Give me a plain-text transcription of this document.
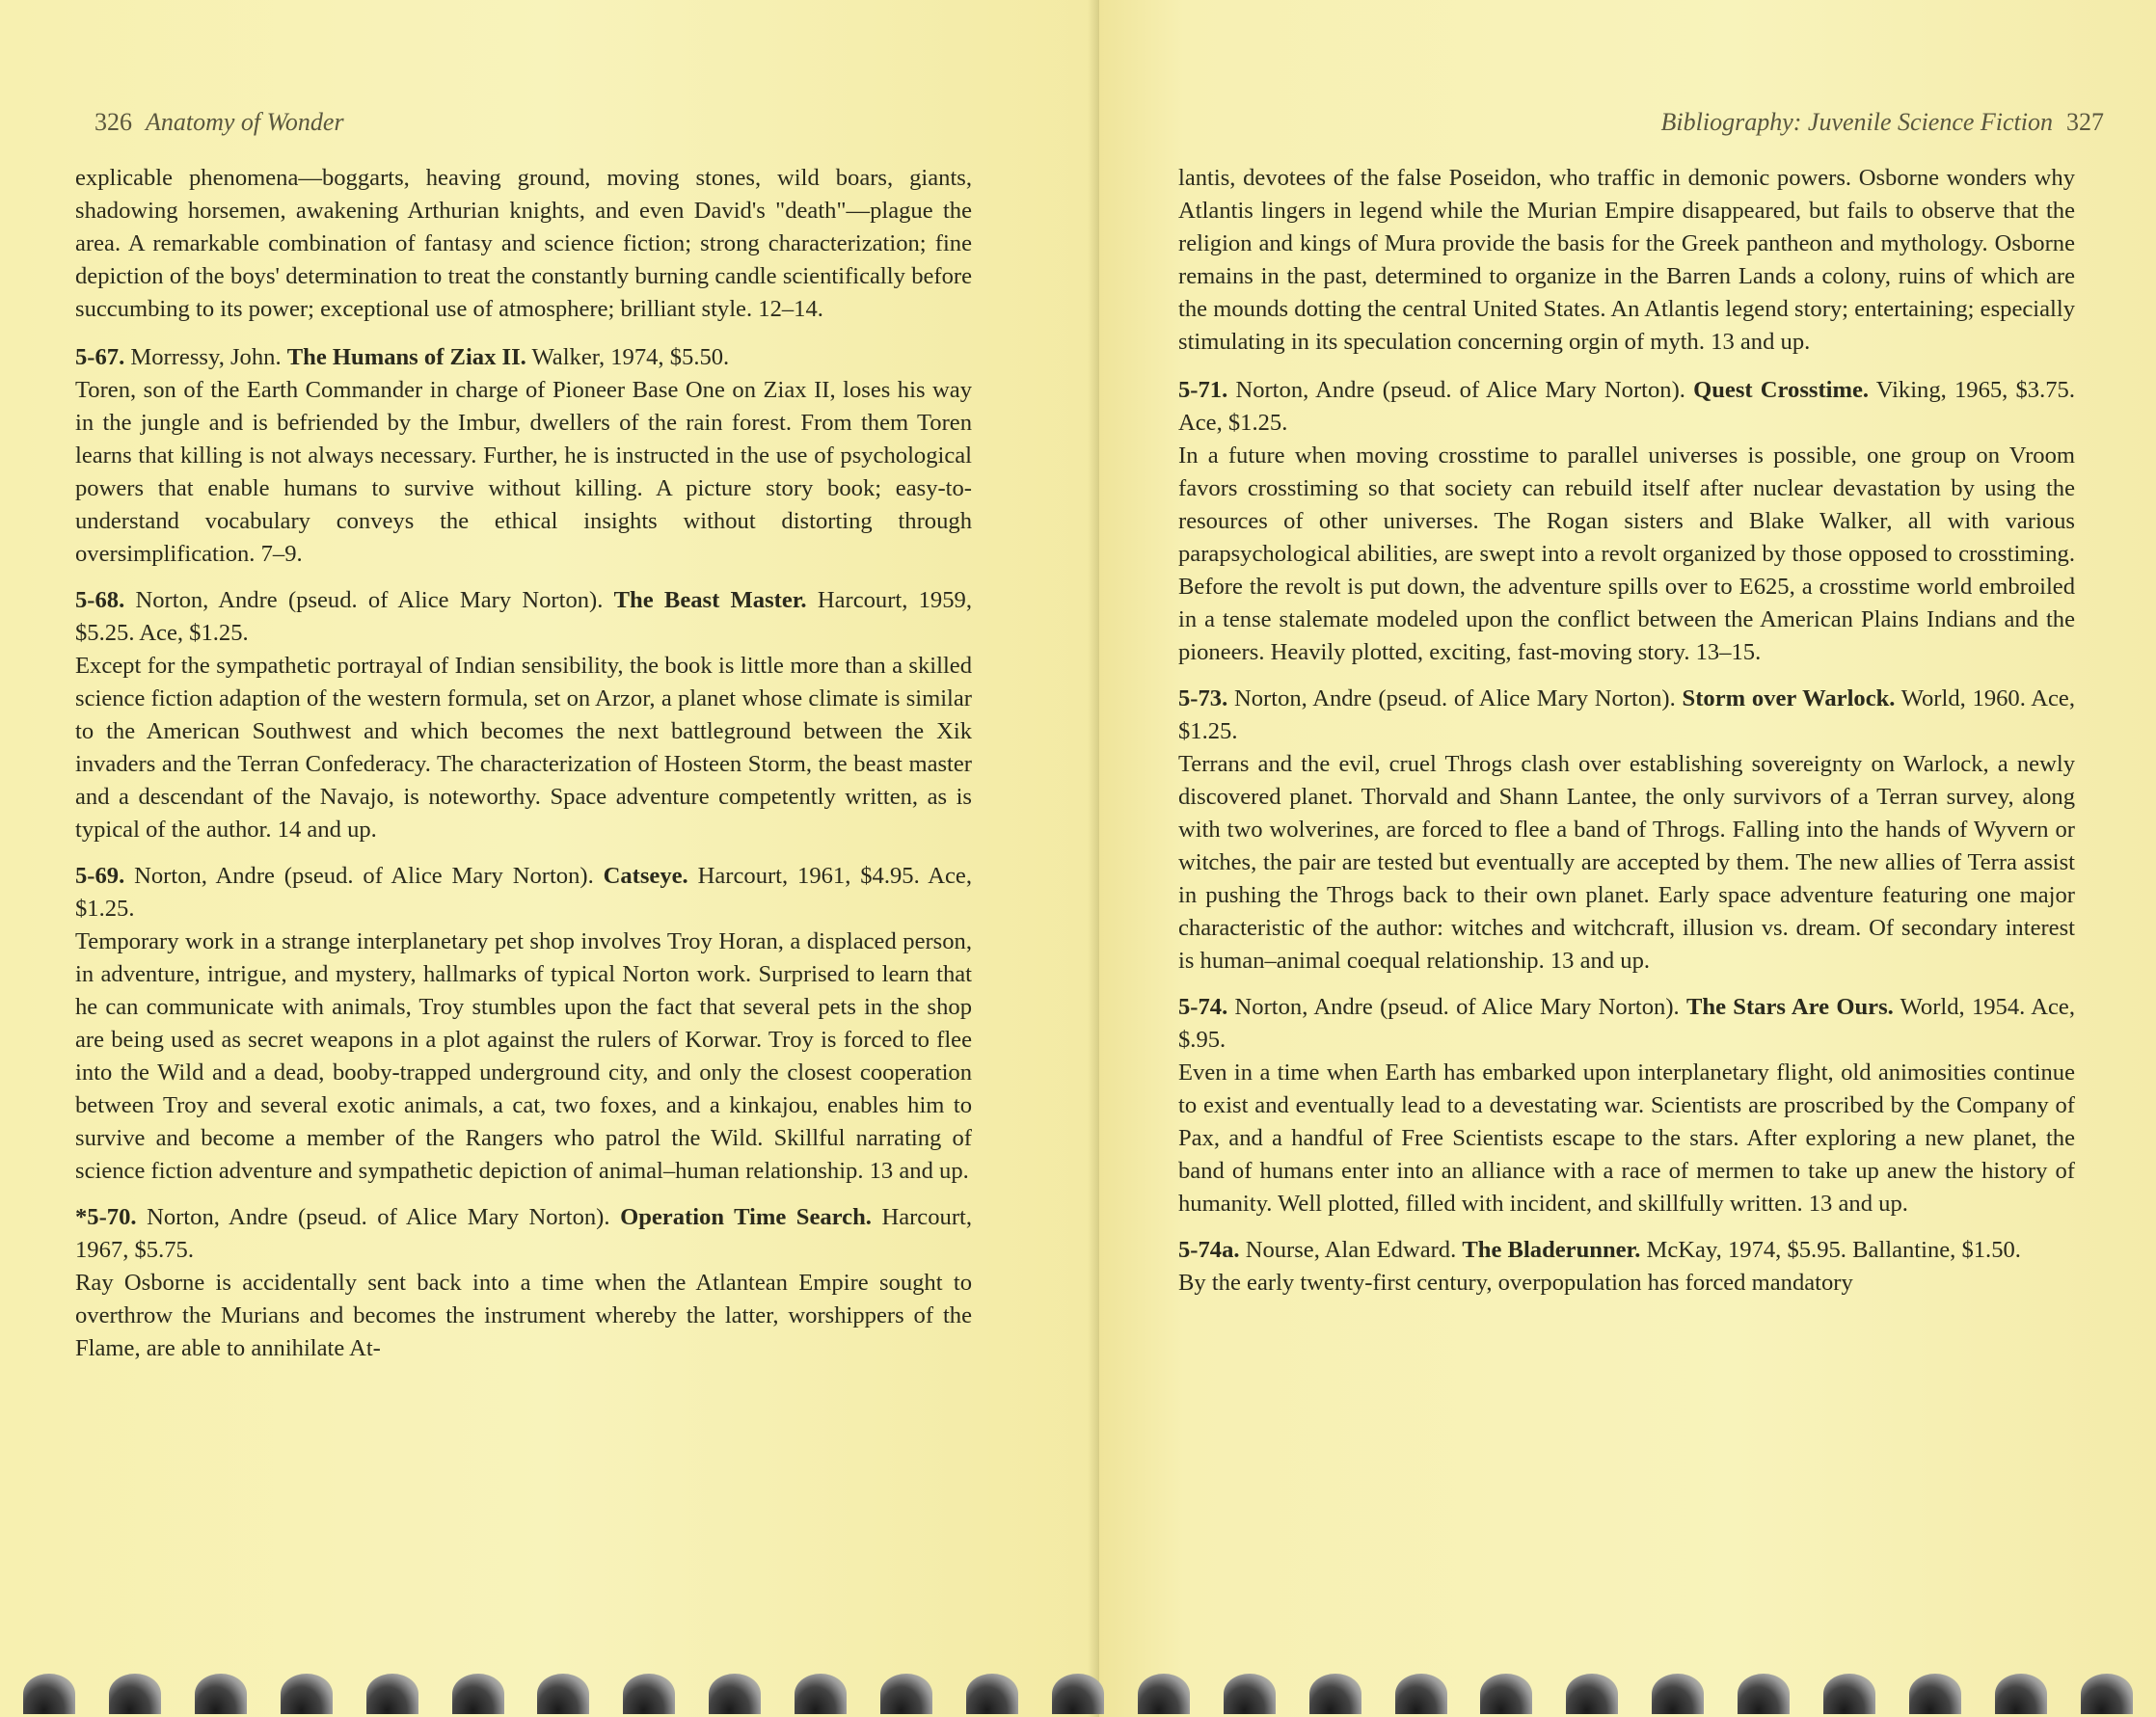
326 Anatomy of Wonder

explicable phenomena—boggarts, heaving ground, moving stones, wild boars, giants, shadowing horsemen, awakening Arthurian knights, and even David's "death"—plague the area. A remarkable combination of fantasy and science fiction; strong characterization; fine depiction of the boys' determination to treat the constantly burning candle scientifically before succumbing to its power; exceptional use of atmosphere; brilliant style. 12–14.

5-67. Morressy, John. The Humans of Ziax II. Walker, 1974, $5.50.
Toren, son of the Earth Commander in charge of Pioneer Base One on Ziax II, loses his way in the jungle and is befriended by the Imbur, dwellers of the rain forest. From them Toren learns that killing is not always necessary. Further, he is instructed in the use of psychological powers that enable humans to survive without killing. A picture story book; easy-to-understand vocabulary conveys the ethical insights without distorting through oversimplification. 7–9.
5-68. Norton, Andre (pseud. of Alice Mary Norton). The Beast Master. Harcourt, 1959, $5.25. Ace, $1.25.
Except for the sympathetic portrayal of Indian sensibility, the book is little more than a skilled science fiction adaption of the western formula, set on Arzor, a planet whose climate is similar to the American Southwest and which becomes the next battleground between the Xik invaders and the Terran Confederacy. The characterization of Hosteen Storm, the beast master and a descendant of the Navajo, is noteworthy. Space adventure competently written, as is typical of the author. 14 and up.
5-69. Norton, Andre (pseud. of Alice Mary Norton). Catseye. Harcourt, 1961, $4.95. Ace, $1.25.
Temporary work in a strange interplanetary pet shop involves Troy Horan, a displaced person, in adventure, intrigue, and mystery, hallmarks of typical Norton work. Surprised to learn that he can communicate with animals, Troy stumbles upon the fact that several pets in the shop are being used as secret weapons in a plot against the rulers of Korwar. Troy is forced to flee into the Wild and a dead, booby-trapped underground city, and only the closest cooperation between Troy and several exotic animals, a cat, two foxes, and a kinkajou, enables him to survive and become a member of the Rangers who patrol the Wild. Skillful narrating of science fiction adventure and sympathetic depiction of animal–human relationship. 13 and up.
*5-70. Norton, Andre (pseud. of Alice Mary Norton). Operation Time Search. Harcourt, 1967, $5.75.
Ray Osborne is accidentally sent back into a time when the Atlantean Empire sought to overthrow the Murians and becomes the instrument whereby the latter, worshippers of the Flame, are able to annihilate At-
Bibliography: Juvenile Science Fiction 327

lantis, devotees of the false Poseidon, who traffic in demonic powers. Osborne wonders why Atlantis lingers in legend while the Murian Empire disappeared, but fails to observe that the religion and kings of Mura provide the basis for the Greek pantheon and mythology. Osborne remains in the past, determined to organize in the Barren Lands a colony, ruins of which are the mounds dotting the central United States. An Atlantis legend story; entertaining; especially stimulating in its speculation concerning orgin of myth. 13 and up.

5-71. Norton, Andre (pseud. of Alice Mary Norton). Quest Crosstime. Viking, 1965, $3.75. Ace, $1.25.
In a future when moving crosstime to parallel universes is possible, one group on Vroom favors crosstiming so that society can rebuild itself after nuclear devastation by using the resources of other universes. The Rogan sisters and Blake Walker, all with various parapsychological abilities, are swept into a revolt organized by those opposed to crosstiming. Before the revolt is put down, the adventure spills over to E625, a crosstime world embroiled in a tense stalemate modeled upon the conflict between the American Plains Indians and the pioneers. Heavily plotted, exciting, fast-moving story. 13–15.
5-73. Norton, Andre (pseud. of Alice Mary Norton). Storm over Warlock. World, 1960. Ace, $1.25.
Terrans and the evil, cruel Throgs clash over establishing sovereignty on Warlock, a newly discovered planet. Thorvald and Shann Lantee, the only survivors of a Terran survey, along with two wolverines, are forced to flee a band of Throgs. Falling into the hands of Wyvern or witches, the pair are tested but eventually are accepted by them. The new allies of Terra assist in pushing the Throgs back to their own planet. Early space adventure featuring one major characteristic of the author: witches and witchcraft, illusion vs. dream. Of secondary interest is human–animal coequal relationship. 13 and up.
5-74. Norton, Andre (pseud. of Alice Mary Norton). The Stars Are Ours. World, 1954. Ace, $.95.
Even in a time when Earth has embarked upon interplanetary flight, old animosities continue to exist and eventually lead to a devestating war. Scientists are proscribed by the Company of Pax, and a handful of Free Scientists escape to the stars. After exploring a new planet, the band of humans enter into an alliance with a race of mermen to take up anew the history of humanity. Well plotted, filled with incident, and skillfully written. 13 and up.
5-74a. Nourse, Alan Edward. The Bladerunner. McKay, 1974, $5.95. Ballantine, $1.50.
By the early twenty-first century, overpopulation has forced mandatory
